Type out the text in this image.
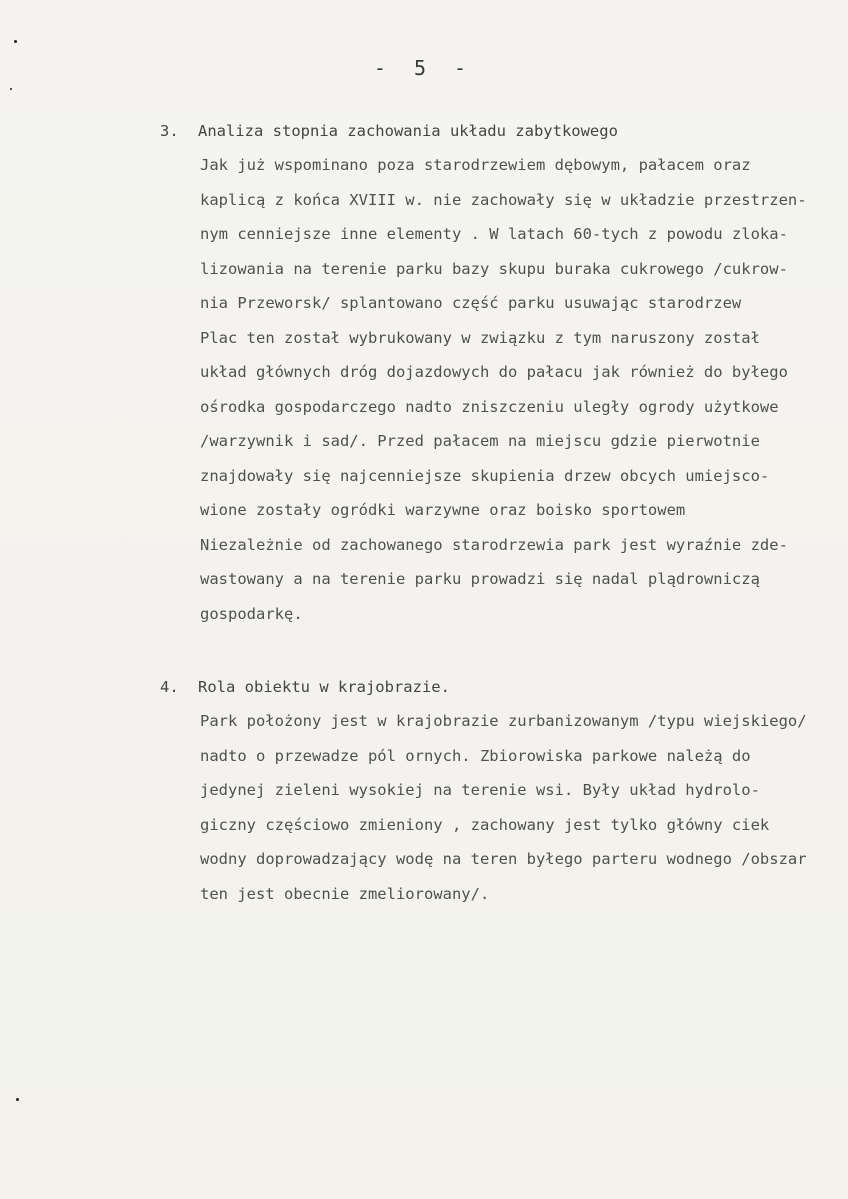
- 5 -
3. Analiza stopnia zachowania układu zabytkowego
Jak już wspominano poza starodrzewiem dębowym, pałacem oraz
kaplicą z końca XVIII w. nie zachowały się w układzie przestrzen-
nym cenniejsze inne elementy . W latach 60-tych z powodu zloka-
lizowania na terenie parku bazy skupu buraka cukrowego /cukrow-
nia Przeworsk/ splantowano część parku usuwając starodrzew
Plac ten został wybrukowany w związku z tym naruszony został
układ głównych dróg dojazdowych do pałacu jak również do byłego
ośrodka gospodarczego nadto zniszczeniu uległy ogrody użytkowe
/warzywnik i sad/. Przed pałacem na miejscu gdzie pierwotnie
znajdowały się najcenniejsze skupienia drzew obcych umiejsco-
wione zostały ogródki warzywne oraz boisko sportowem
Niezależnie od zachowanego starodrzewia park jest wyraźnie zde-
wastowany a na terenie parku prowadzi się nadal plądrowniczą
gospodarkę.
4. Rola obiektu w krajobrazie.
Park położony jest w krajobrazie zurbanizowanym /typu wiejskiego/
nadto o przewadze pól ornych. Zbiorowiska parkowe należą do
jedynej zieleni wysokiej na terenie wsi. Były układ hydrolo-
giczny częściowo zmieniony , zachowany jest tylko główny ciek
wodny doprowadzający wodę na teren byłego parteru wodnego /obszar
ten jest obecnie zmeliorowany/.
